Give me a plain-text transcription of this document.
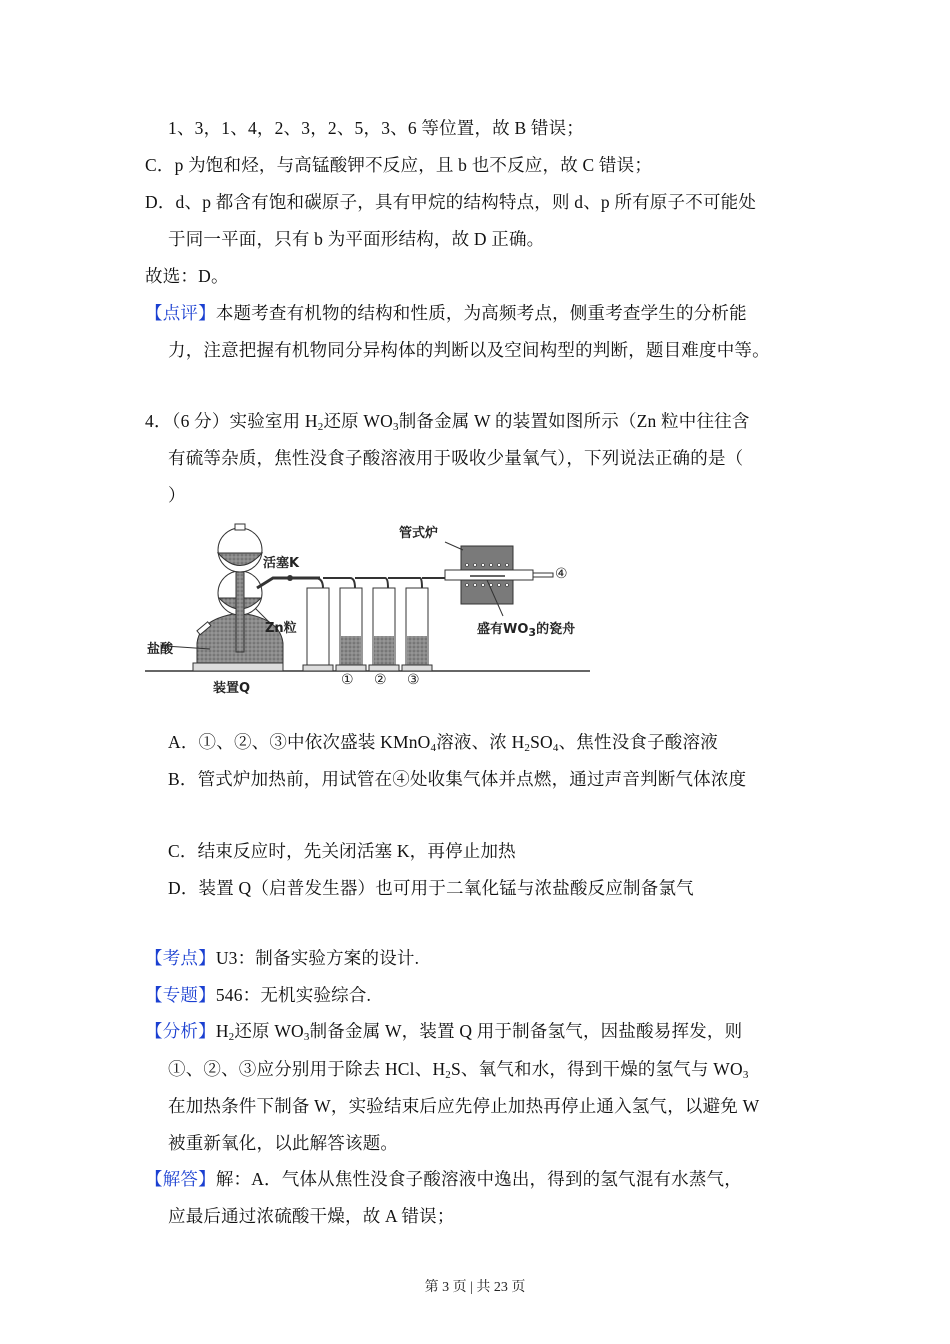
1、3，1、4，2、3，2、5，3、6 等位置，故 B 错误；
C．p 为饱和烃，与高锰酸钾不反应，且 b 也不反应，故 C 错误；
D．d、p 都含有饱和碳原子，具有甲烷的结构特点，则 d、p 所有原子不可能处
于同一平面，只有 b 为平面形结构，故 D 正确。
故选：D。
【点评】本题考查有机物的结构和性质，为高频考点，侧重考查学生的分析能
力，注意把握有机物同分异构体的判断以及空间构型的判断，题目难度中等。
4．（6 分）实验室用 $H_2$还原 $WO_3$制备金属 W 的装置如图所示（Zn 粒中往往含
有硫等杂质，焦性没食子酸溶液用于吸收少量氧气），下列说法正确的是（
）
活塞K
Zn粒
盐酸
装置Q
管式炉
盛有$WO_3$的瓷舟
① ② ③
④
A．①、②、③中依次盛装 KMnO$_4$溶液、浓 $H_2SO_4$、焦性没食子酸溶液
B．管式炉加热前，用试管在④处收集气体并点燃，通过声音判断气体浓度
C．结束反应时，先关闭活塞 K，再停止加热
D．装置 Q（启普发生器）也可用于二氧化锰与浓盐酸反应制备氯气
【考点】U3：制备实验方案的设计.
【专题】546：无机实验综合.
【分析】$H_2$还原 $WO_3$制备金属 W，装置 Q 用于制备氢气，因盐酸易挥发，则
①、②、③应分别用于除去 HCl、$H_2S$、氧气和水，得到干燥的氢气与 $WO_3$
在加热条件下制备 W，实验结束后应先停止加热再停止通入氢气，以避免 W
被重新氧化，以此解答该题。
【解答】解：A．气体从焦性没食子酸溶液中逸出，得到的氢气混有水蒸气，
应最后通过浓硫酸干燥，故 A 错误；
第 3 页 | 共 23 页
